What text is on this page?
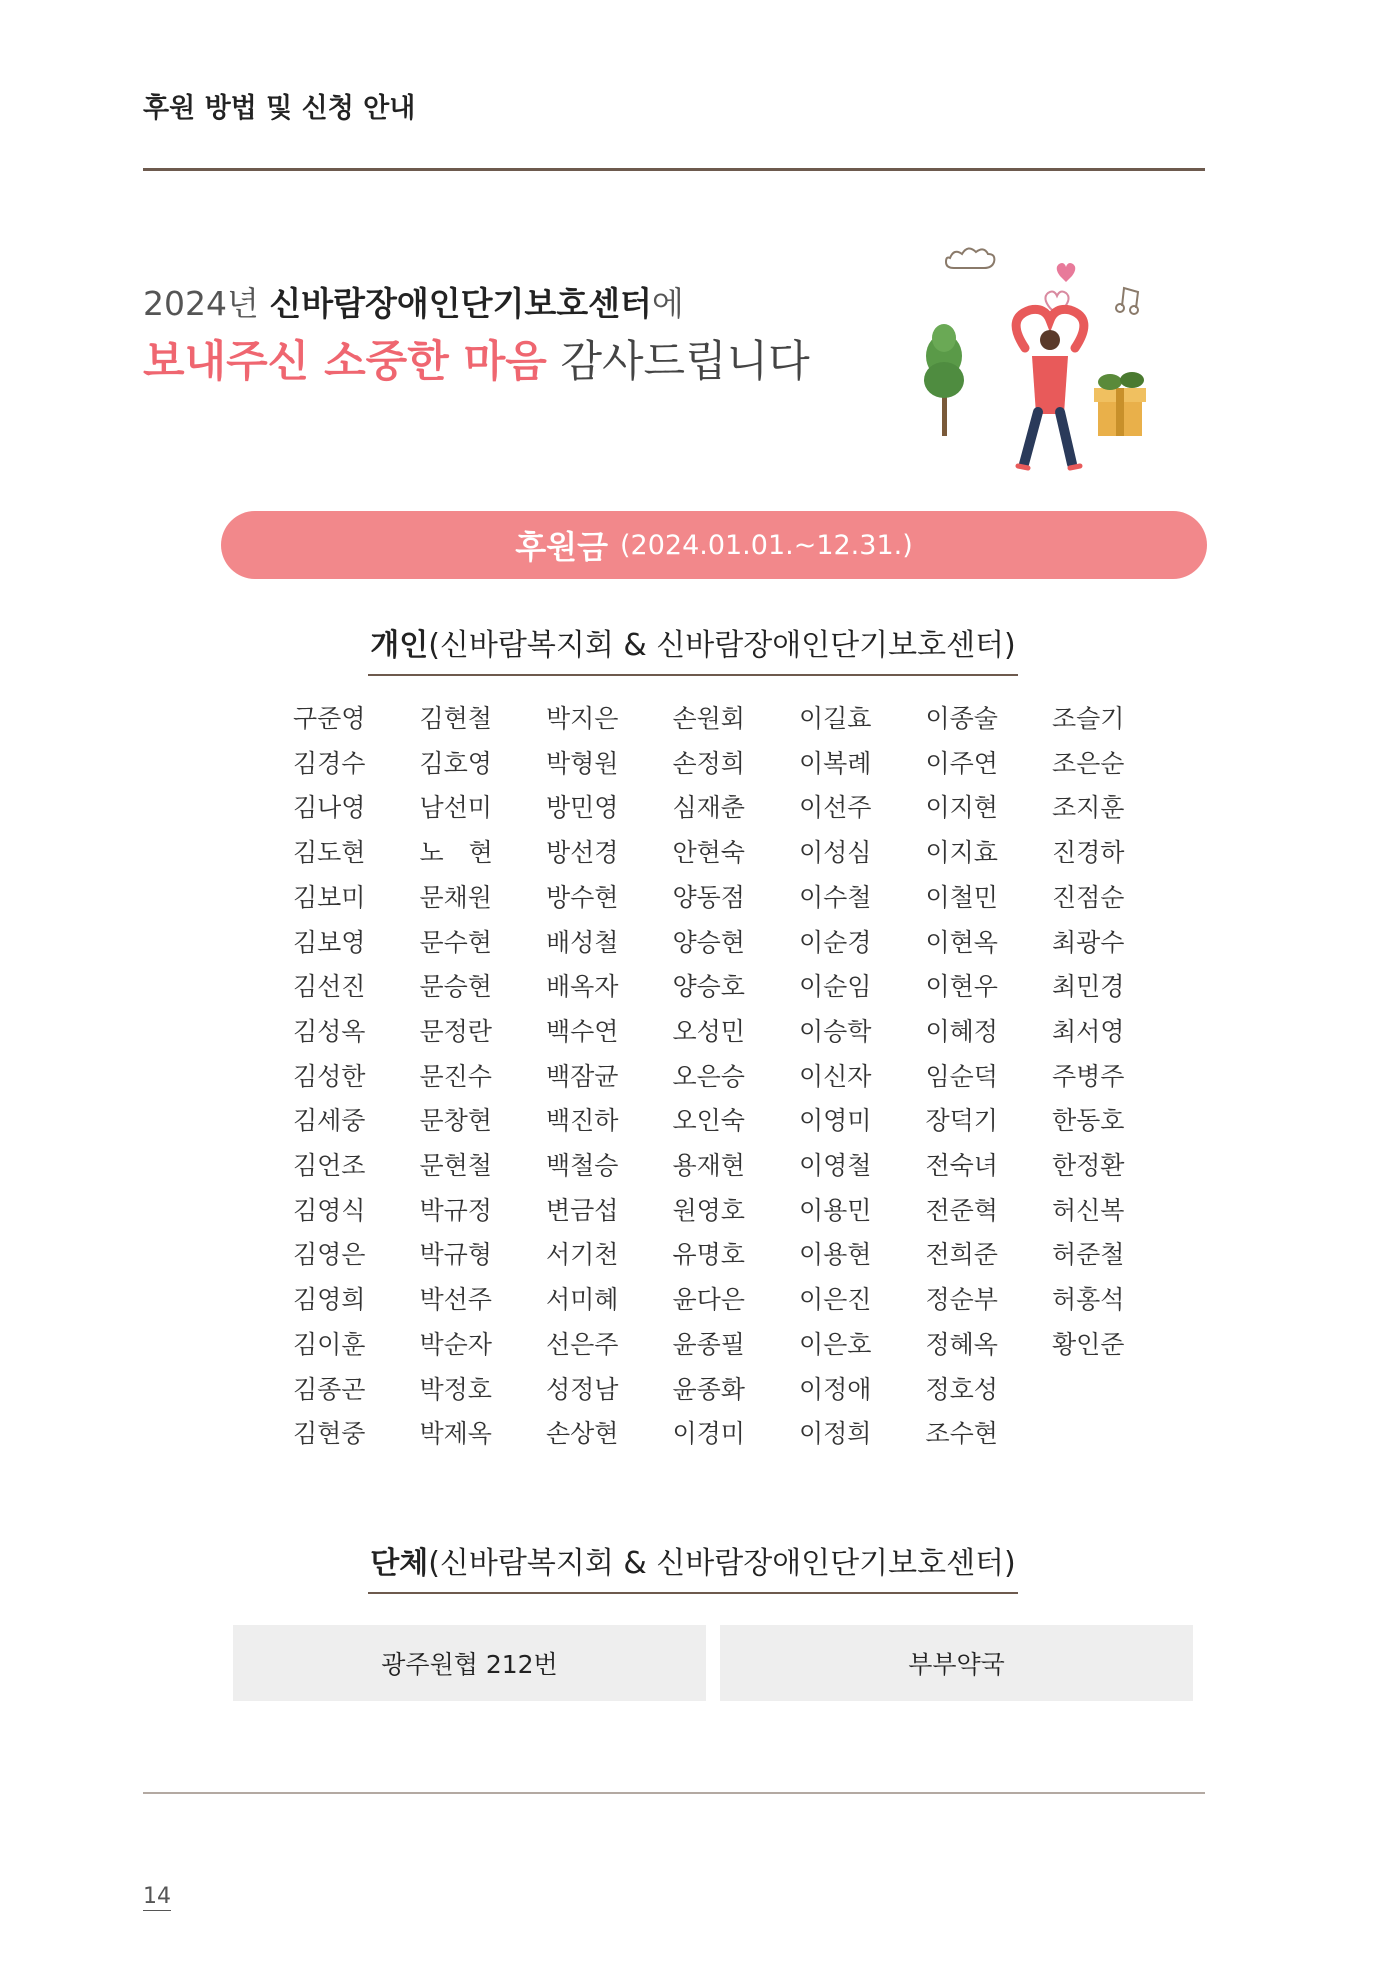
후원 방법 및 신청 안내
2024년 신바람장애인단기보호센터에
보내주신 소중한 마음 감사드립니다
후원금 (2024.01.01.~12.31.)
개인(신바람복지회 & 신바람장애인단기보호센터)
구준영
김경수
김나영
김도현
김보미
김보영
김선진
김성옥
김성한
김세중
김언조
김영식
김영은
김영희
김이훈
김종곤
김현중
김현철
김호영
남선미
노　현
문채원
문수현
문승현
문정란
문진수
문창현
문현철
박규정
박규형
박선주
박순자
박정호
박제옥
박지은
박형원
방민영
방선경
방수현
배성철
배옥자
백수연
백잠균
백진하
백철승
변금섭
서기천
서미혜
선은주
성정남
손상현
손원회
손정희
심재춘
안현숙
양동점
양승현
양승호
오성민
오은승
오인숙
용재현
원영호
유명호
윤다은
윤종필
윤종화
이경미
이길효
이복례
이선주
이성심
이수철
이순경
이순임
이승학
이신자
이영미
이영철
이용민
이용현
이은진
이은호
이정애
이정희
이종술
이주연
이지현
이지효
이철민
이현옥
이현우
이혜정
임순덕
장덕기
전숙녀
전준혁
전희준
정순부
정혜옥
정호성
조수현
조슬기
조은순
조지훈
진경하
진점순
최광수
최민경
최서영
주병주
한동호
한정환
허신복
허준철
허홍석
황인준
단체(신바람복지회 & 신바람장애인단기보호센터)
광주원협 212번	부부약국
14
